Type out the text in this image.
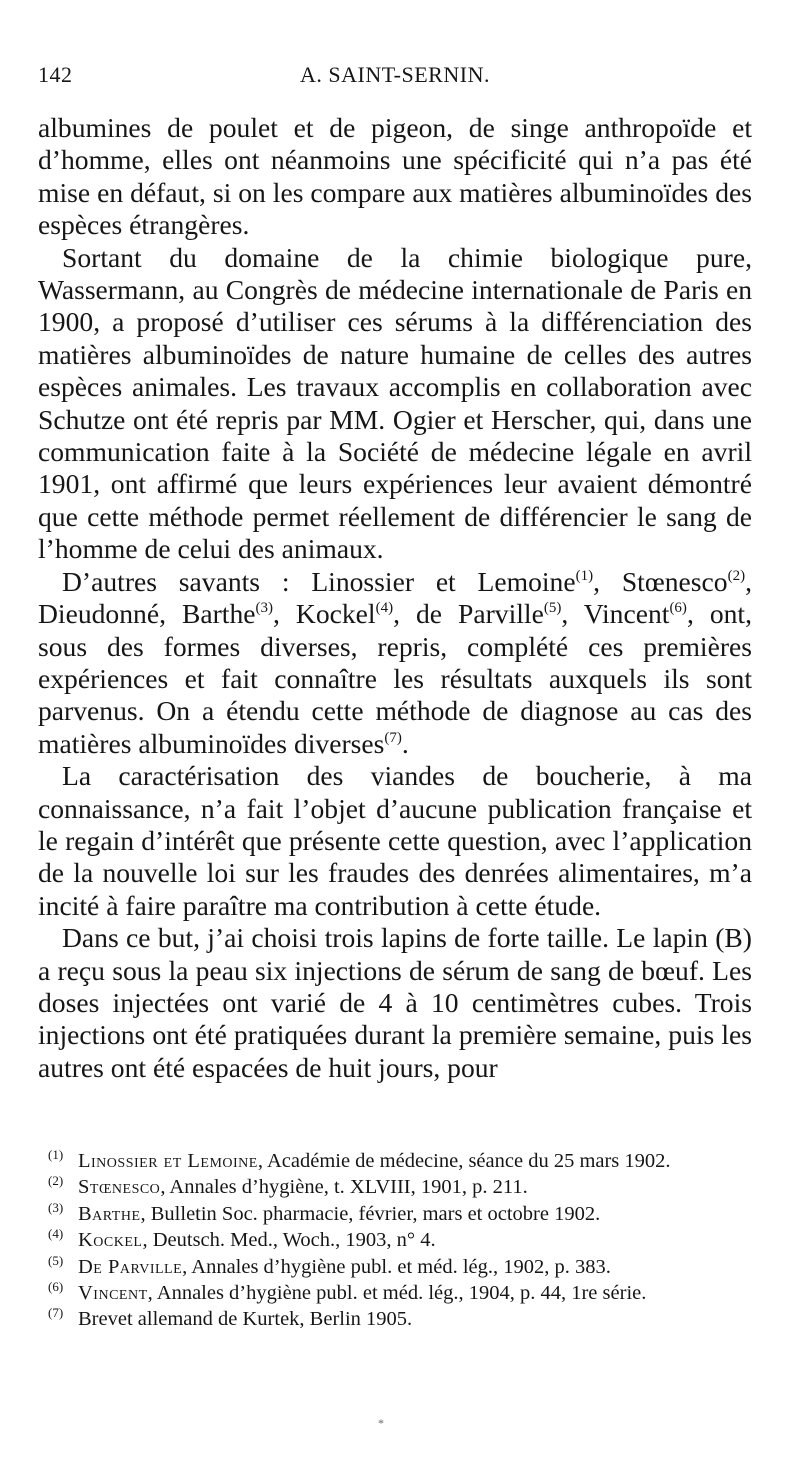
142	A. SAINT-SERNIN.

albumines de poulet et de pigeon, de singe anthropoïde et d’homme, elles ont néanmoins une spécificité qui n’a pas été mise en défaut, si on les compare aux matières albuminoïdes des espèces étrangères.

Sortant du domaine de la chimie biologique pure, Wassermann, au Congrès de médecine internationale de Paris en 1900, a proposé d’utiliser ces sérums à la différenciation des matières albuminoïdes de nature humaine de celles des autres espèces animales. Les travaux accomplis en collaboration avec Schutze ont été repris par MM. Ogier et Herscher, qui, dans une communication faite à la Société de médecine légale en avril 1901, ont affirmé que leurs expériences leur avaient démontré que cette méthode permet réellement de différencier le sang de l’homme de celui des animaux.

D’autres savants : Linossier et Lemoine$^{(1)}$, Stœnesco$^{(2)}$, Dieudonné, Barthe$^{(3)}$, Kockel$^{(4)}$, de Parville$^{(5)}$, Vincent$^{(6)}$, ont, sous des formes diverses, repris, complété ces premières expériences et fait connaître les résultats auxquels ils sont parvenus. On a étendu cette méthode de diagnose au cas des matières albuminoïdes diverses$^{(7)}$.

La caractérisation des viandes de boucherie, à ma connaissance, n’a fait l’objet d’aucune publication française et le regain d’intérêt que présente cette question, avec l’application de la nouvelle loi sur les fraudes des denrées alimentaires, m’a incité à faire paraître ma contribution à cette étude.

Dans ce but, j’ai choisi trois lapins de forte taille. Le lapin (B) a reçu sous la peau six injections de sérum de sang de bœuf. Les doses injectées ont varié de 4 à 10 centimètres cubes. Trois injections ont été pratiquées durant la première semaine, puis les autres ont été espacées de huit jours, pour

(1) Linossier et Lemoine, Académie de médecine, séance du 25 mars 1902.
(2) Stœnesco, Annales d’hygiène, t. XLVIII, 1901, p. 211.
(3) Barthe, Bulletin Soc. pharmacie, février, mars et octobre 1902.
(4) Kockel, Deutsch. Med., Woch., 1903, n° 4.
(5) De Parville, Annales d’hygiène publ. et méd. lég., 1902, p. 383.
(6) Vincent, Annales d’hygiène publ. et méd. lég., 1904, p. 44, 1re série.
(7) Brevet allemand de Kurtek, Berlin 1905.
*
